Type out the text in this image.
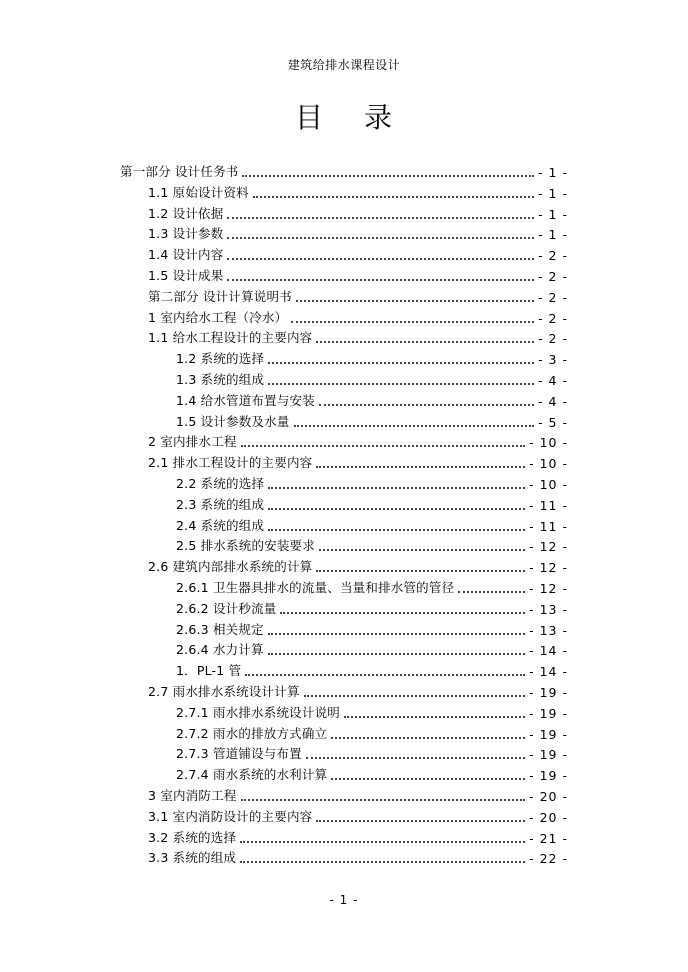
建筑给排水课程设计
目 录
第一部分 设计任务书	- 1 -
1.1 原始设计资料	- 1 -
1.2 设计依据	- 1 -
1.3 设计参数	- 1 -
1.4 设计内容	- 2 -
1.5 设计成果	- 2 -
第二部分 设计计算说明书	- 2 -
1 室内给水工程（冷水）	- 2 -
1.1 给水工程设计的主要内容	- 2 -
1.2 系统的选择	- 3 -
1.3 系统的组成	- 4 -
1.4 给水管道布置与安装	- 4 -
1.5 设计参数及水量	- 5 -
2 室内排水工程	- 10 -
2.1 排水工程设计的主要内容	- 10 -
2.2 系统的选择	- 10 -
2.3 系统的组成	- 11 -
2.4 系统的组成	- 11 -
2.5 排水系统的安装要求	- 12 -
2.6 建筑内部排水系统的计算	- 12 -
2.6.1 卫生器具排水的流量、当量和排水管的管径	- 12 -
2.6.2 设计秒流量	- 13 -
2.6.3 相关规定	- 13 -
2.6.4 水力计算	- 14 -
1．PL-1 管	- 14 -
2.7 雨水排水系统设计计算	- 19 -
2.7.1 雨水排水系统设计说明	- 19 -
2.7.2 雨水的排放方式确立	- 19 -
2.7.3 管道铺设与布置	- 19 -
2.7.4 雨水系统的水利计算	- 19 -
3 室内消防工程	- 20 -
3.1 室内消防设计的主要内容	- 20 -
3.2 系统的选择	- 21 -
3.3 系统的组成	- 22 -
- 1 -
